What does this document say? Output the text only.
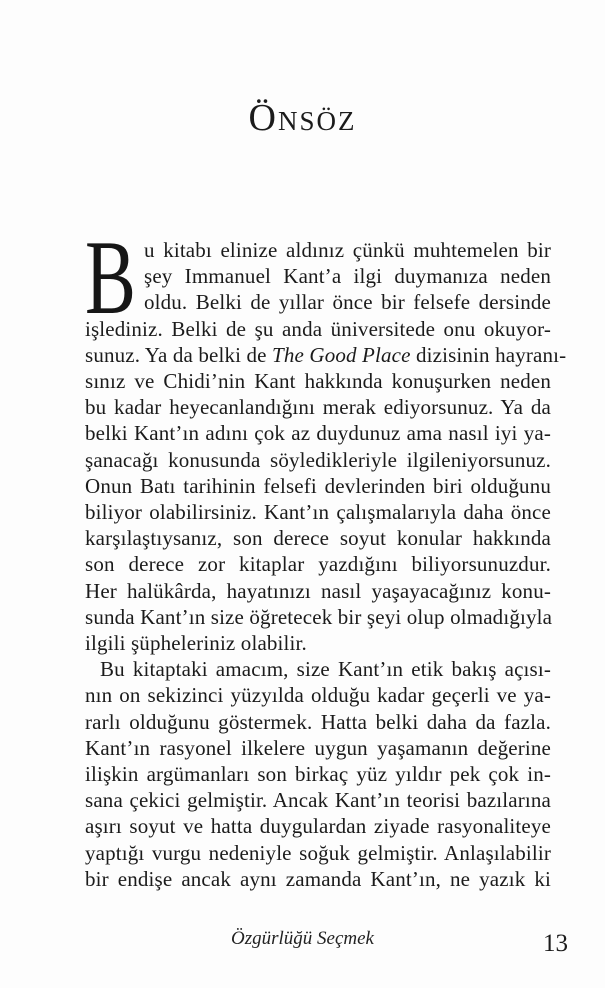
Önsöz
B u kitabı elinize aldınız çünkü muhtemelen bir
şey Immanuel Kant’a ilgi duymanıza neden
oldu. Belki de yıllar önce bir felsefe dersinde
işlediniz. Belki de şu anda üniversitede onu okuyor-
sunuz. Ya da belki de The Good Place dizisinin hayranı-
sınız ve Chidi’nin Kant hakkında konuşurken neden
bu kadar heyecanlandığını merak ediyorsunuz. Ya da
belki Kant’ın adını çok az duydunuz ama nasıl iyi ya-
şanacağı konusunda söyledikleriyle ilgileniyorsunuz.
Onun Batı tarihinin felsefi devlerinden biri olduğunu
biliyor olabilirsiniz. Kant’ın çalışmalarıyla daha önce
karşılaştıysanız, son derece soyut konular hakkında
son derece zor kitaplar yazdığını biliyorsunuzdur.
Her halükârda, hayatınızı nasıl yaşayacağınız konu-
sunda Kant’ın size öğretecek bir şeyi olup olmadığıyla
ilgili şüpheleriniz olabilir.
Bu kitaptaki amacım, size Kant’ın etik bakış açısı-
nın on sekizinci yüzyılda olduğu kadar geçerli ve ya-
rarlı olduğunu göstermek. Hatta belki daha da fazla.
Kant’ın rasyonel ilkelere uygun yaşamanın değerine
ilişkin argümanları son birkaç yüz yıldır pek çok in-
sana çekici gelmiştir. Ancak Kant’ın teorisi bazılarına
aşırı soyut ve hatta duygulardan ziyade rasyonaliteye
yaptığı vurgu nedeniyle soğuk gelmiştir. Anlaşılabilir
bir endişe ancak aynı zamanda Kant’ın, ne yazık ki
Özgürlüğü Seçmek	13
